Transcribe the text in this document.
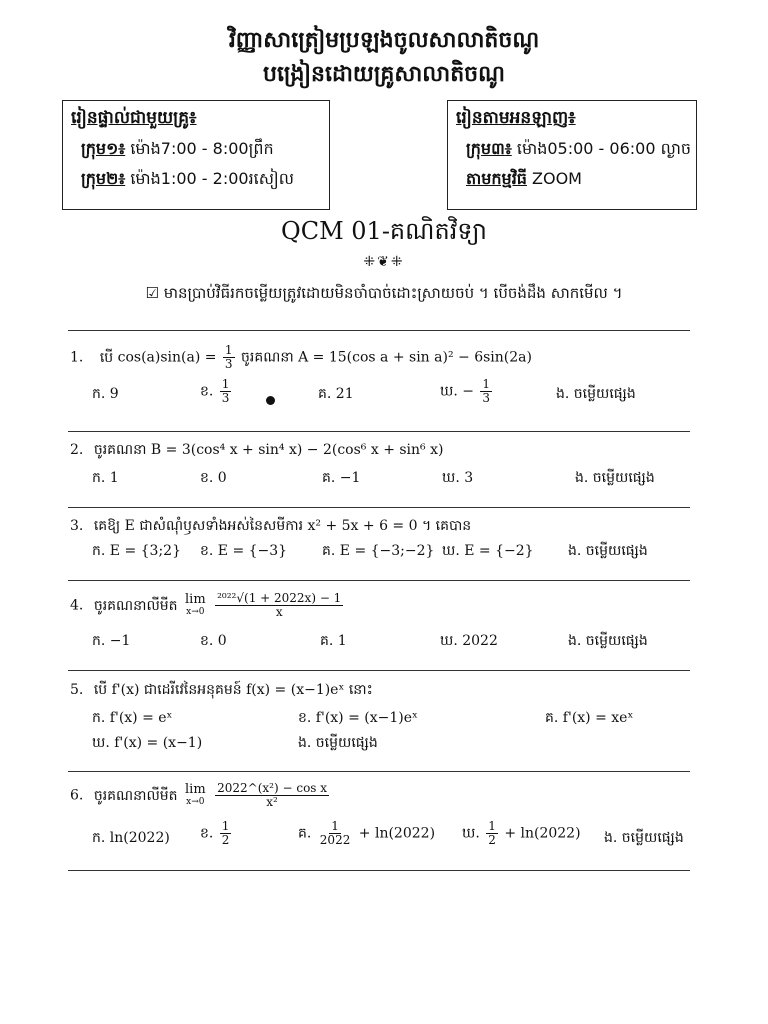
វិញ្ញាសាត្រៀមប្រឡងចូលសាលាតិចណូ
បង្រៀនដោយគ្រូសាលាតិចណូ
រៀនផ្ទាល់ជាមួយគ្រូ៖
ក្រុម១៖ ម៉ោង7:00 - 8:00ព្រឹក
ក្រុម២៖ ម៉ោង1:00 - 2:00រសៀល
រៀនតាមអនឡាញ៖
ក្រុម៣៖ ម៉ោង05:00 - 06:00 ល្ងាច
តាមកម្មវិធី ZOOM
QCM 01-គណិតវិទ្យា
⁜❦⁜
☑ មានប្រាប់វិធីរកចម្លើយត្រូវដោយមិនចាំបាច់ដោះស្រាយចប់ ។ បើចង់ដឹង សាកមើល ។
1. បើ $\cos(a)\sin(a) = \frac{1}{3}$ ចូរគណនា A = 15(cos a + sin a)² − 6sin(2a)
ក. 9	ខ. $\frac{1}{3}$	គ. 21	ឃ. − $\frac{1}{3}$	ង. ចម្លើយផ្សេង
2. ចូរគណនា B = 3(cos⁴ x + sin⁴ x) − 2(cos⁶ x + sin⁶ x)
ក. 1	ខ. 0	គ. −1	ឃ. 3	ង. ចម្លើយផ្សេង
3. គេឱ្យ E ជាសំណុំឫសទាំងអស់នៃសមីការ x² + 5x + 6 = 0 ។ គេបាន
ក. E = {3;2} ខ. E = {−3} គ. E = {−3;−2} ឃ. E = {−2} ង. ចម្លើយផ្សេង
4. ចូរគណនាលីមីត lim
x→0
$\frac{\text{²⁰²²√(1 + 2022x) − 1}}{x}$
ក. −1	ខ. 0	គ. 1	ឃ. 2022	ង. ចម្លើយផ្សេង
5. បើ f'(x) ជាដេរីវេនៃអនុគមន៍ f(x) = (x−1)eˣ នោះ
ក. f'(x) = eˣ	ខ. f'(x) = (x−1)eˣ	គ. f'(x) = xeˣ
ឃ. f'(x) = (x−1)	ង. ចម្លើយផ្សេង
6. ចូរគណនាលីមីត lim
x→0
$\frac{\text{2022\textasciicircum{}(x²) − cos x}}{\text{x²}}$
ក. ln(2022) ខ. $\frac{1}{2}$	គ. $\frac{1}{2022} + \ln(2022)$ ឃ. $\frac{1}{2} + \ln(2022)$ ង. ចម្លើយផ្សេង
